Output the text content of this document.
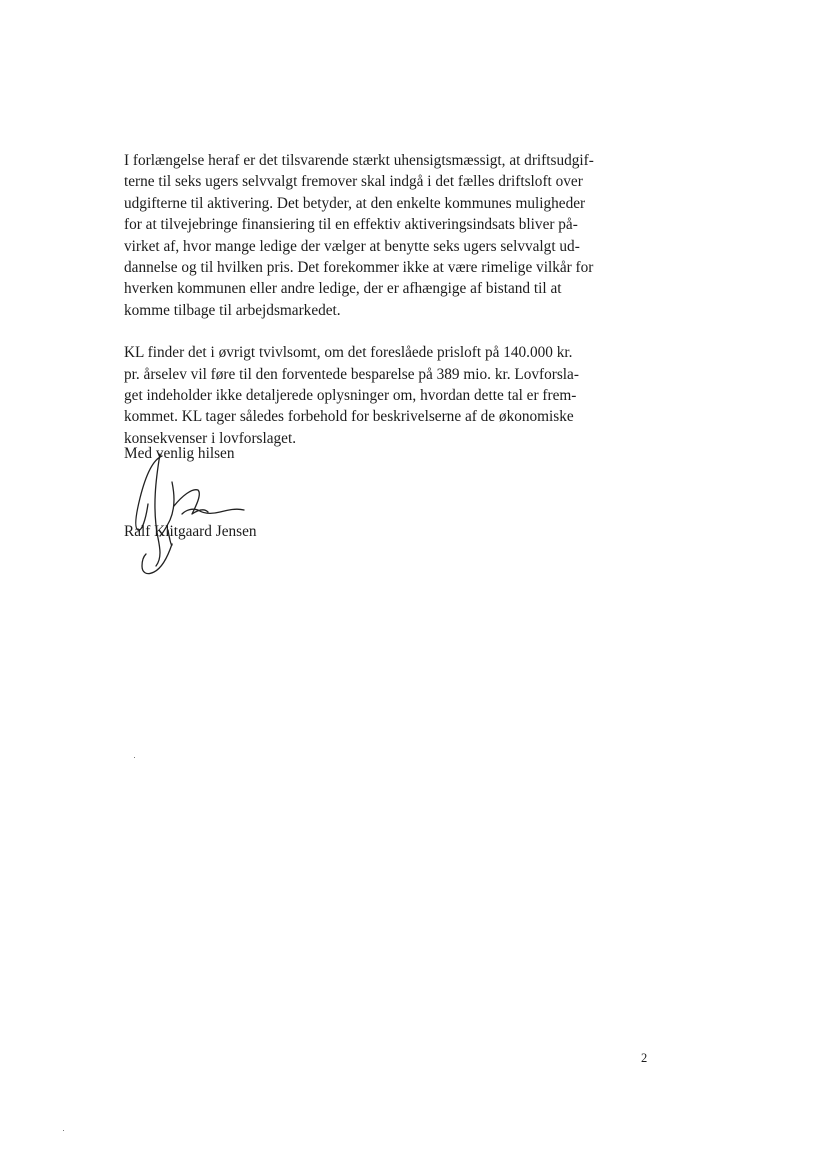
I forlængelse heraf er det tilsvarende stærkt uhensigtsmæssigt, at driftsudgif-
terne til seks ugers selvvalgt fremover skal indgå i det fælles driftsloft over
udgifterne til aktivering. Det betyder, at den enkelte kommunes muligheder
for at tilvejebringe finansiering til en effektiv aktiveringsindsats bliver på-
virket af, hvor mange ledige der vælger at benytte seks ugers selvvalgt ud-
dannelse og til hvilken pris. Det forekommer ikke at være rimelige vilkår for
hverken kommunen eller andre ledige, der er afhængige af bistand til at
komme tilbage til arbejdsmarkedet.

KL finder det i øvrigt tvivlsomt, om det foreslåede prisloft på 140.000 kr.
pr. årselev vil føre til den forventede besparelse på 389 mio. kr. Lovforsla-
get indeholder ikke detaljerede oplysninger om, hvordan dette tal er frem-
kommet. KL tager således forbehold for beskrivelserne af de økonomiske
konsekvenser i lovforslaget.

Med venlig hilsen
Ralf Klitgaard Jensen
2
